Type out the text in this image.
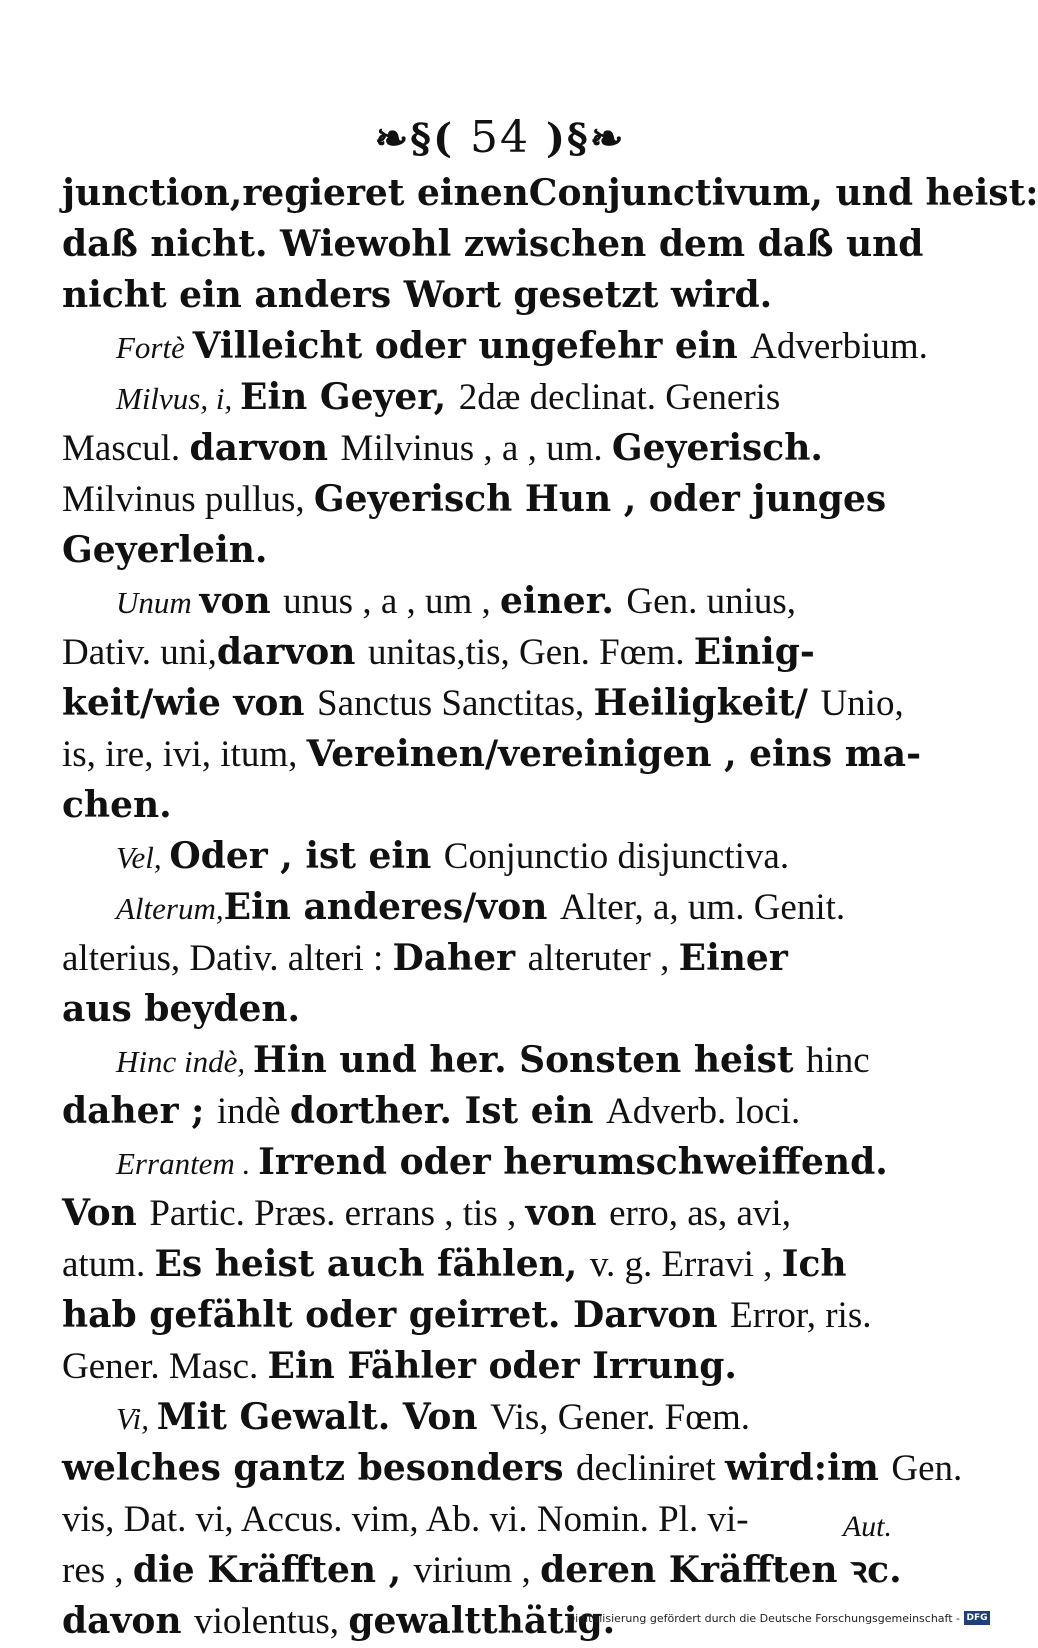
❧§( 54 )§❧
junction,regieret einenConjunctivum, und heist:
daß nicht. Wiewohl zwischen dem daß und
nicht ein anders Wort gesetzt wird.
Fortè Villeicht oder ungefehr ein Adverbium.
Milvus, i, Ein Geyer, 2dæ declinat. Generis
Mascul. darvon Milvinus , a , um. Geyerisch.
Milvinus pullus, Geyerisch Hun , oder junges
Geyerlein.
Unum von unus , a , um , einer. Gen. unius,
Dativ. uni,darvon unitas,tis, Gen. Fœm. Einig-
keit/wie von Sanctus Sanctitas, Heiligkeit/ Unio,
is, ire, ivi, itum, Vereinen/vereinigen , eins ma-
chen.
Vel, Oder , ist ein Conjunctio disjunctiva.
Alterum,Ein anderes/von Alter, a, um. Genit.
alterius, Dativ. alteri : Daher alteruter , Einer
aus beyden.
Hinc indè, Hin und her. Sonsten heist hinc
daher ; indè dorther. Ist ein Adverb. loci.
Errantem . Irrend oder herumschweiffend.
Von Partic. Præs. errans , tis , von erro, as, avi,
atum. Es heist auch fählen, v. g. Erravi , Ich
hab gefählt oder geirret. Darvon Error, ris.
Gener. Masc. Ein Fähler oder Irrung.
Vi, Mit Gewalt. Von Vis, Gener. Fœm.
welches gantz besonders decliniret wird:im Gen.
vis, Dat. vi, Accus. vim, Ab. vi. Nomin. Pl. vi-
res , die Kräfften , virium , deren Kräfften ꝛc.
davon violentus, gewaltthätig.
Aut.
Digitalisierung gefördert durch die Deutsche Forschungsgemeinschaft - DFG
